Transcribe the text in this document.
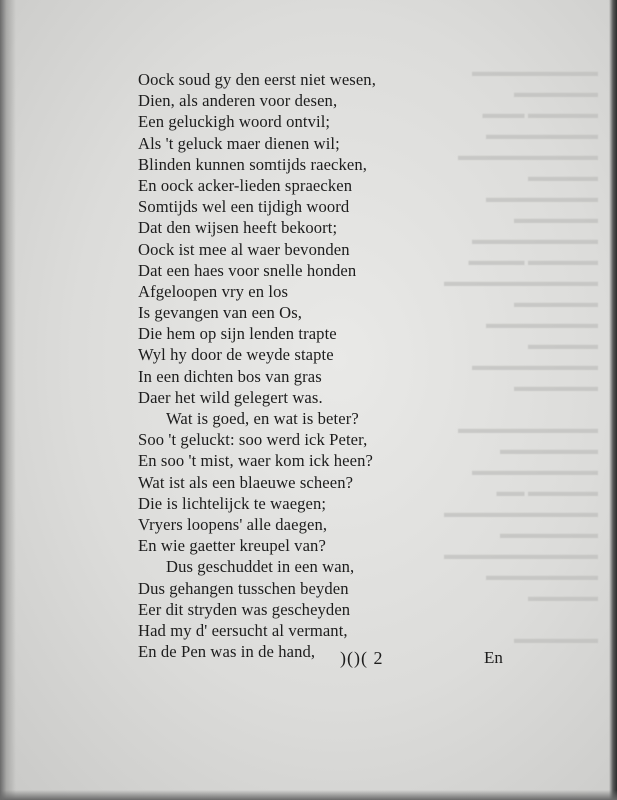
▬▬▬▬▬▬▬▬▬
▬▬▬▬▬▬
▬▬▬▬▬ ▬▬▬
▬▬▬▬▬▬▬▬
▬▬▬▬▬▬▬▬▬▬
▬▬▬▬▬
▬▬▬▬▬▬▬▬
▬▬▬▬▬▬
▬▬▬▬▬▬▬▬▬
▬▬▬▬▬ ▬▬▬▬
▬▬▬▬▬▬▬▬▬▬▬
▬▬▬▬▬▬
▬▬▬▬▬▬▬▬
▬▬▬▬▬
▬▬▬▬▬▬▬▬▬
▬▬▬▬▬▬

▬▬▬▬▬▬▬▬▬▬
▬▬▬▬▬▬▬
▬▬▬▬▬▬▬▬▬
▬▬▬▬▬ ▬▬
▬▬▬▬▬▬▬▬▬▬▬
▬▬▬▬▬▬▬
▬▬▬▬▬▬▬▬▬▬▬
▬▬▬▬▬▬▬▬
▬▬▬▬▬

▬▬▬▬▬▬
Oock soud gy den eerst niet wesen,
Dien, als anderen voor desen,
Een geluckigh woord ontvil;
Als 't geluck maer dienen wil;
Blinden kunnen somtijds raecken,
En oock acker-lieden spraecken
Somtijds wel een tijdigh woord
Dat den wijsen heeft bekoort;
Oock ist mee al waer bevonden
Dat een haes voor snelle honden
Afgeloopen vry en los
Is gevangen van een Os,
Die hem op sijn lenden trapte
Wyl hy door de weyde stapte
In een dichten bos van gras
Daer het wild gelegert was.
Wat is goed, en wat is beter?
Soo 't geluckt: soo werd ick Peter,
En soo 't mist, waer kom ick heen?
Wat ist als een blaeuwe scheen?
Die is lichtelijck te waegen;
Vryers loopens' alle daegen,
En wie gaetter kreupel van?
Dus geschuddet in een wan,
Dus gehangen tusschen beyden
Eer dit stryden was gescheyden
Had my d' eersucht al vermant,
En de Pen was in de hand,	)()( 2	En
